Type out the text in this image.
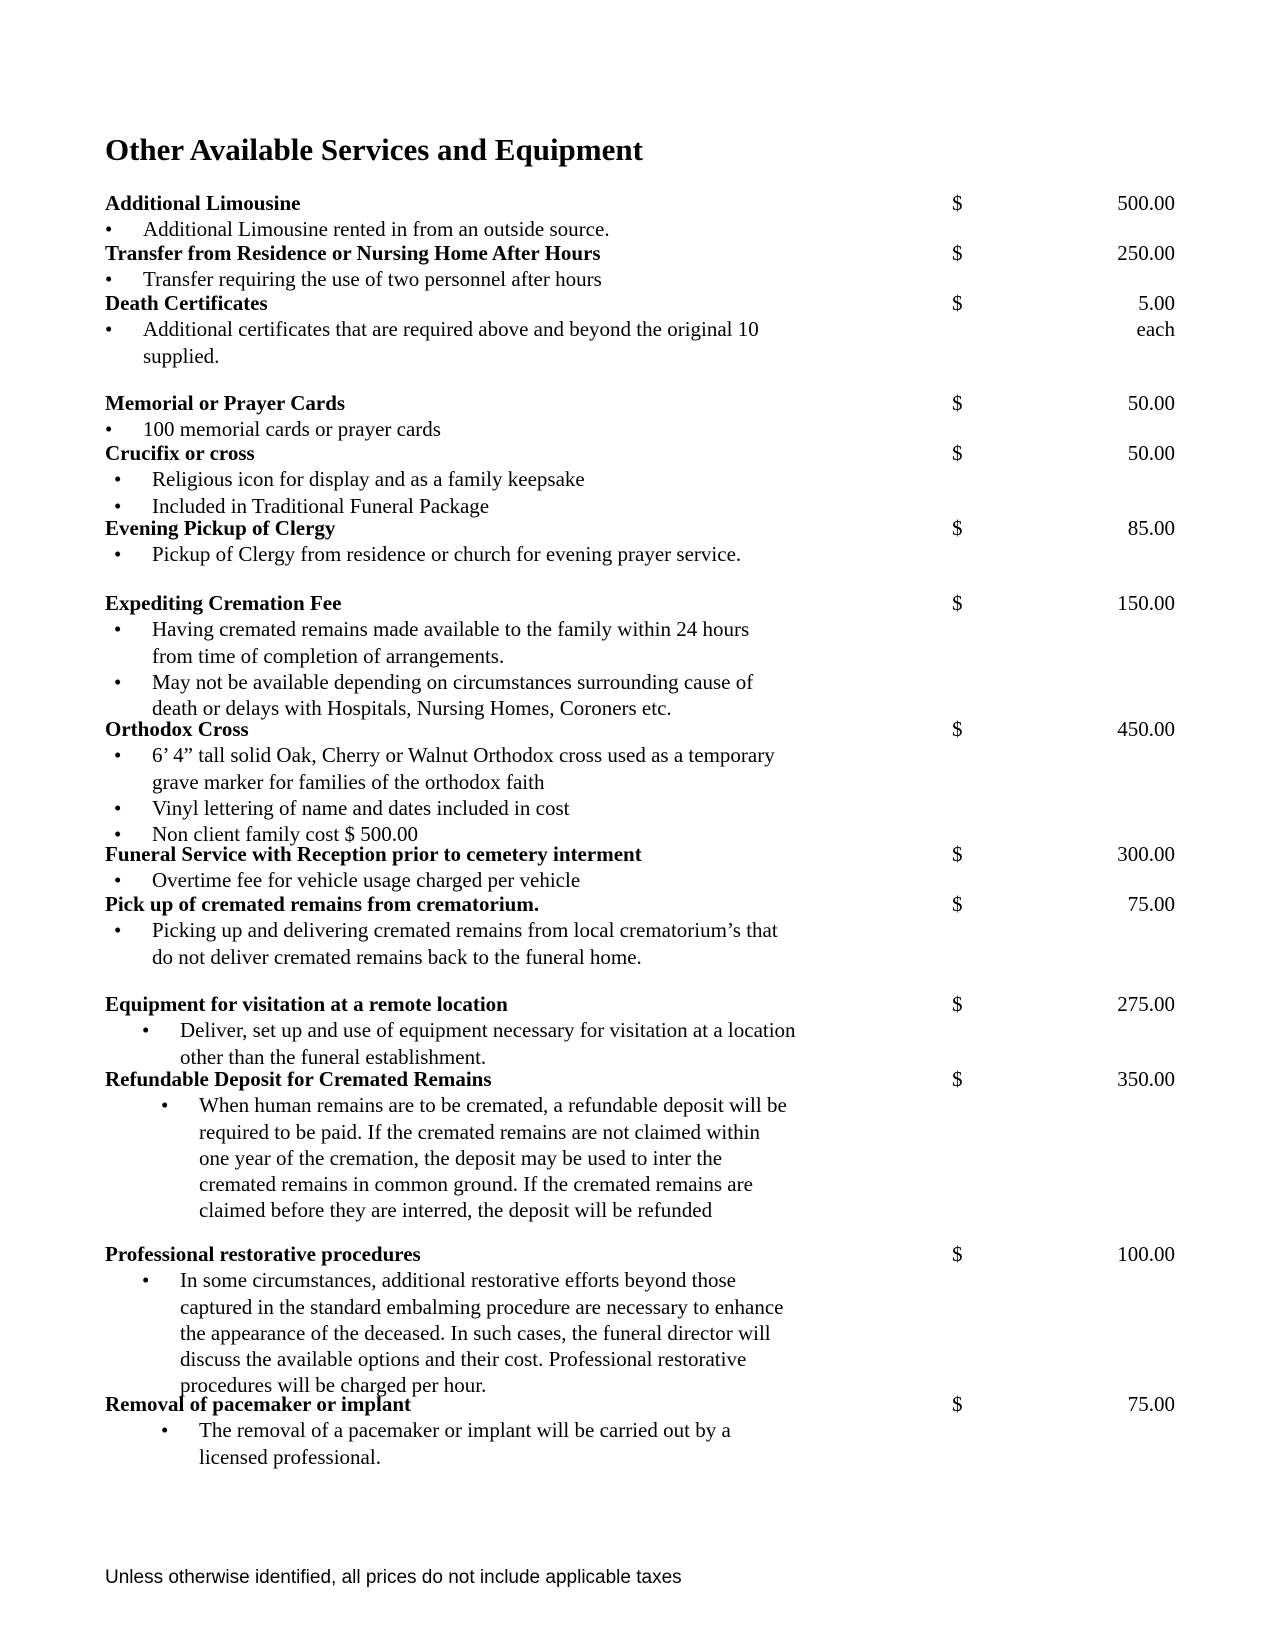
Other Available Services and Equipment
Additional Limousine	$	500.00
• Additional Limousine rented in from an outside source.
Transfer from Residence or Nursing Home After Hours	$	250.00
• Transfer requiring the use of two personnel after hours
Death Certificates	$	5.00
each
• Additional certificates that are required above and beyond the original 10 supplied.
Memorial or Prayer Cards	$	50.00
• 100 memorial cards or prayer cards
Crucifix or cross	$	50.00
• Religious icon for display and as a family keepsake
• Included in Traditional Funeral Package
Evening Pickup of Clergy	$	85.00
• Pickup of Clergy from residence or church for evening prayer service.
Expediting Cremation Fee	$	150.00
• Having cremated remains made available to the family within 24 hours from time of completion of arrangements.
• May not be available depending on circumstances surrounding cause of death or delays with Hospitals, Nursing Homes, Coroners etc.
Orthodox Cross	$	450.00
• 6’ 4” tall solid Oak, Cherry or Walnut Orthodox cross used as a temporary grave marker for families of the orthodox faith
• Vinyl lettering of name and dates included in cost
• Non client family cost $ 500.00
Funeral Service with Reception prior to cemetery interment	$	300.00
• Overtime fee for vehicle usage charged per vehicle
Pick up of cremated remains from crematorium.	$	75.00
• Picking up and delivering cremated remains from local crematorium’s that do not deliver cremated remains back to the funeral home.
Equipment for visitation at a remote location	$	275.00
• Deliver, set up and use of equipment necessary for visitation at a location other than the funeral establishment.
Refundable Deposit for Cremated Remains	$	350.00
• When human remains are to be cremated, a refundable deposit will be required to be paid. If the cremated remains are not claimed within one year of the cremation, the deposit may be used to inter the cremated remains in common ground. If the cremated remains are claimed before they are interred, the deposit will be refunded
Professional restorative procedures	$	100.00
• In some circumstances, additional restorative efforts beyond those captured in the standard embalming procedure are necessary to enhance the appearance of the deceased. In such cases, the funeral director will discuss the available options and their cost. Professional restorative procedures will be charged per hour.
Removal of pacemaker or implant	$	75.00
• The removal of a pacemaker or implant will be carried out by a licensed professional.
Unless otherwise identified, all prices do not include applicable taxes
